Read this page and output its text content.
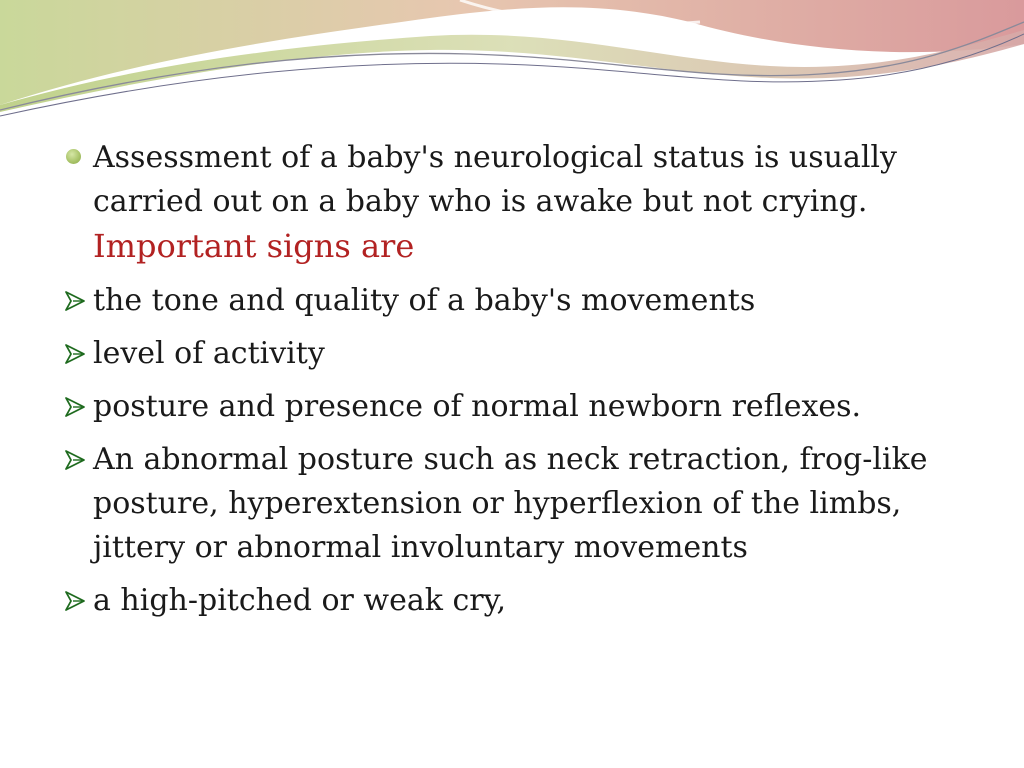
Assessment of a baby's neurological status is usually carried out on a baby who is awake but not crying.
Important signs are
the tone and quality of a baby's movements
level of activity
posture and presence of normal newborn reflexes.
An abnormal posture such as neck retraction, frog-like posture, hyperextension or hyperflexion of the limbs, jittery or abnormal involuntary movements
a high-pitched or weak cry,
